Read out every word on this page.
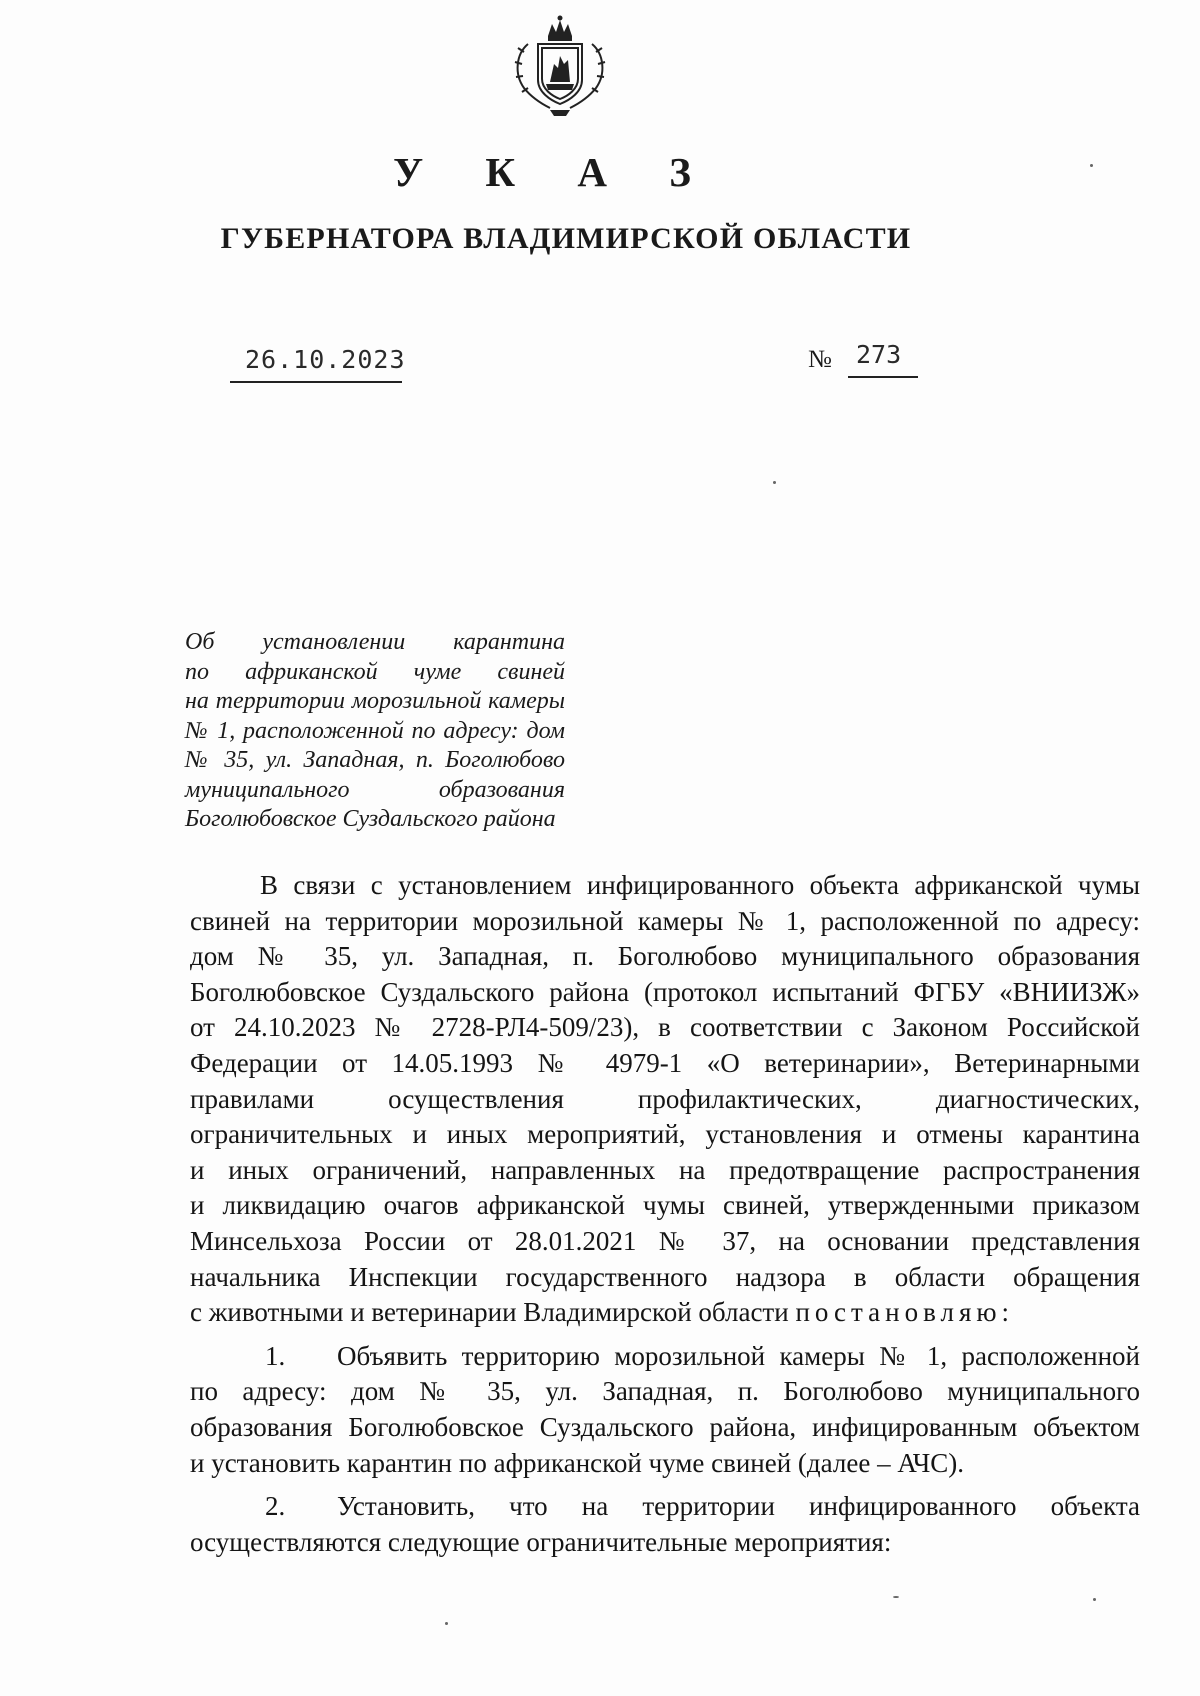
У К А З
ГУБЕРНАТОРА ВЛАДИМИРСКОЙ ОБЛАСТИ
26.10.2023	№ 273
Об установлении карантина
по африканской чуме свиней
на территории морозильной камеры
№ 1, расположенной по адресу: дом
№ 35, ул. Западная, п. Боголюбово
муниципального образования
Боголюбовское Суздальского района

В связи с установлением инфицированного объекта африканской чумы
свиней на территории морозильной камеры № 1, расположенной по адресу:
дом № 35, ул. Западная, п. Боголюбово муниципального образования
Боголюбовское Суздальского района (протокол испытаний ФГБУ «ВНИИЗЖ»
от 24.10.2023 № 2728-РЛ4-509/23), в соответствии с Законом Российской
Федерации от 14.05.1993 № 4979-1 «О ветеринарии», Ветеринарными
правилами осуществления профилактических, диагностических,
ограничительных и иных мероприятий, установления и отмены карантина
и иных ограничений, направленных на предотвращение распространения
и ликвидацию очагов африканской чумы свиней, утвержденными приказом
Минсельхоза России от 28.01.2021 № 37, на основании представления
начальника Инспекции государственного надзора в области обращения
с животными и ветеринарии Владимирской области постановляю:

1. Объявить территорию морозильной камеры № 1, расположенной
по адресу: дом № 35, ул. Западная, п. Боголюбово муниципального
образования Боголюбовское Суздальского района, инфицированным объектом
и установить карантин по африканской чуме свиней (далее – АЧС).

2. Установить, что на территории инфицированного объекта
осуществляются следующие ограничительные мероприятия:
